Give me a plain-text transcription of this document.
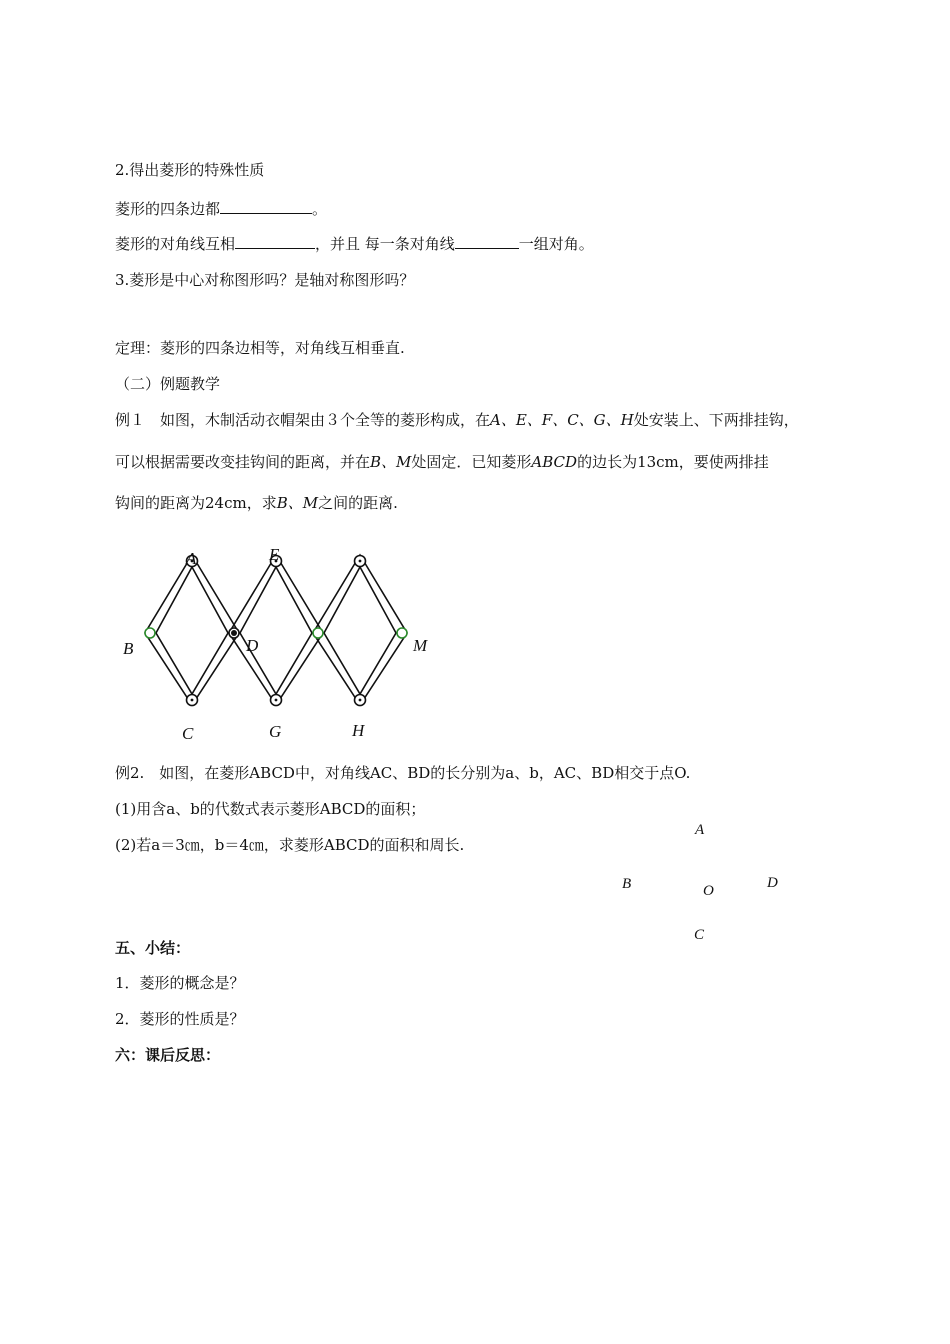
2.得出菱形的特殊性质
菱形的四条边都	。
菱形的对角线互相	，并且 每一条对角线	一组对角。
3.菱形是中心对称图形吗？是轴对称图形吗？
定理：菱形的四条边相等，对角线互相垂直.
（二）例题教学
例１　如图，木制活动衣帽架由３个全等的菱形构成，在A、E、F、C、G、H处安装上、下两排挂钩，
可以根据需要改变挂钩间的距离，并在B、M处固定．已知菱形ABCD的边长为13cm，要使两排挂
钩间的距离为24cm，求B、M之间的距离.
A	E
B	D	M
C	G	H
例2.　如图，在菱形ABCD中，对角线AC、BD的长分别为a、b，AC、BD相交于点O.
(1)用含a、b的代数式表示菱形ABCD的面积；
(2)若a＝3㎝，b＝4㎝，求菱形ABCD的面积和周长.
A
B	O	D
C
五、小结：
1．菱形的概念是？
2．菱形的性质是？
六：课后反思：
